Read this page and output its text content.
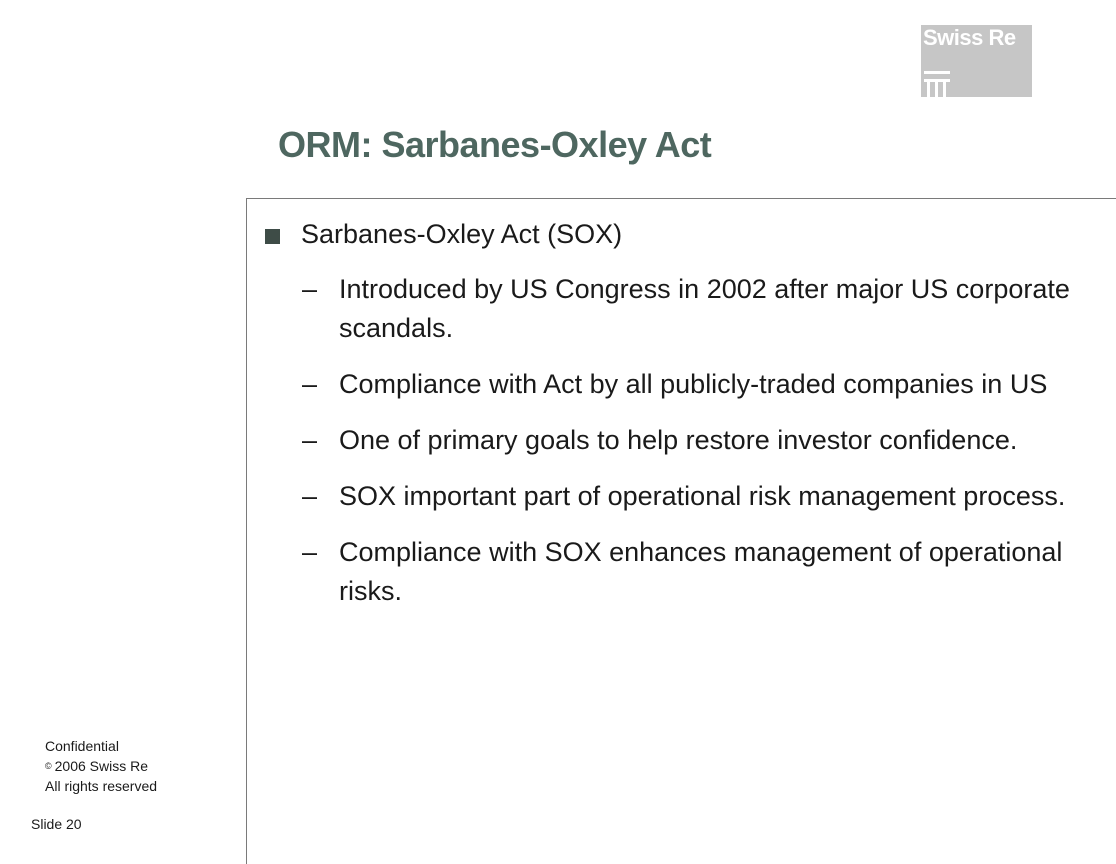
Swiss Re
ORM: Sarbanes-Oxley Act
Sarbanes-Oxley Act (SOX)
– Introduced by US Congress in 2002 after major US corporate scandals.
– Compliance with Act by all publicly-traded companies in US
– One of primary goals to help restore investor confidence.
– SOX important part of operational risk management process.
– Compliance with SOX enhances management of operational risks.
Confidential
© 2006 Swiss Re
All rights reserved
Slide 20
